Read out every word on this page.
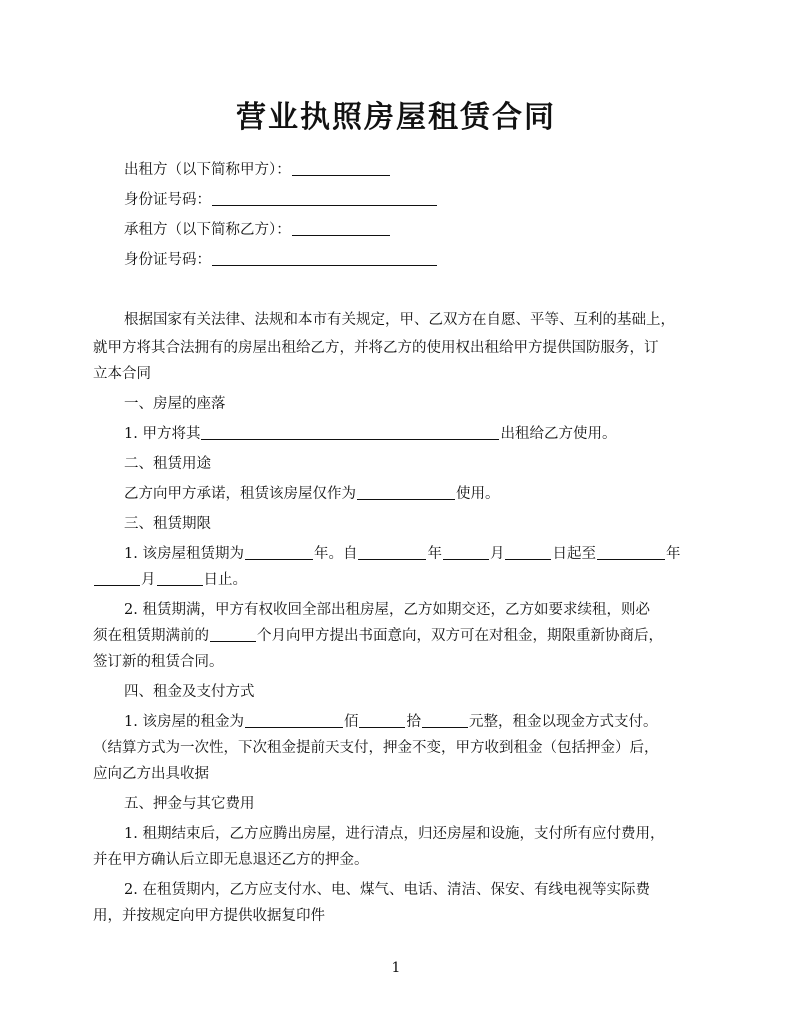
营业执照房屋租赁合同
出租方（以下简称甲方）：
身份证号码：
承租方（以下简称乙方）：
身份证号码：
根据国家有关法律、法规和本市有关规定，甲、乙双方在自愿、平等、互利的基础上，
就甲方将其合法拥有的房屋出租给乙方，并将乙方的使用权出租给甲方提供国防服务，订
立本合同
一、房屋的座落
1. 甲方将其	出租给乙方使用。
二、租赁用途
乙方向甲方承诺，租赁该房屋仅作为	使用。
三、租赁期限
1. 该房屋租赁期为	年。自	年	月	日起至	年
月	日止。
2. 租赁期满，甲方有权收回全部出租房屋，乙方如期交还，乙方如要求续租，则必
须在租赁期满前的	个月向甲方提出书面意向，双方可在对租金，期限重新协商后，
签订新的租赁合同。
四、租金及支付方式
1. 该房屋的租金为	佰	拾	元整，租金以现金方式支付。
（结算方式为一次性，下次租金提前天支付，押金不变，甲方收到租金（包括押金）后，
应向乙方出具收据
五、押金与其它费用
1. 租期结束后，乙方应腾出房屋，进行清点，归还房屋和设施，支付所有应付费用，
并在甲方确认后立即无息退还乙方的押金。
2. 在租赁期内，乙方应支付水、电、煤气、电话、清洁、保安、有线电视等实际费
用，并按规定向甲方提供收据复印件
1
